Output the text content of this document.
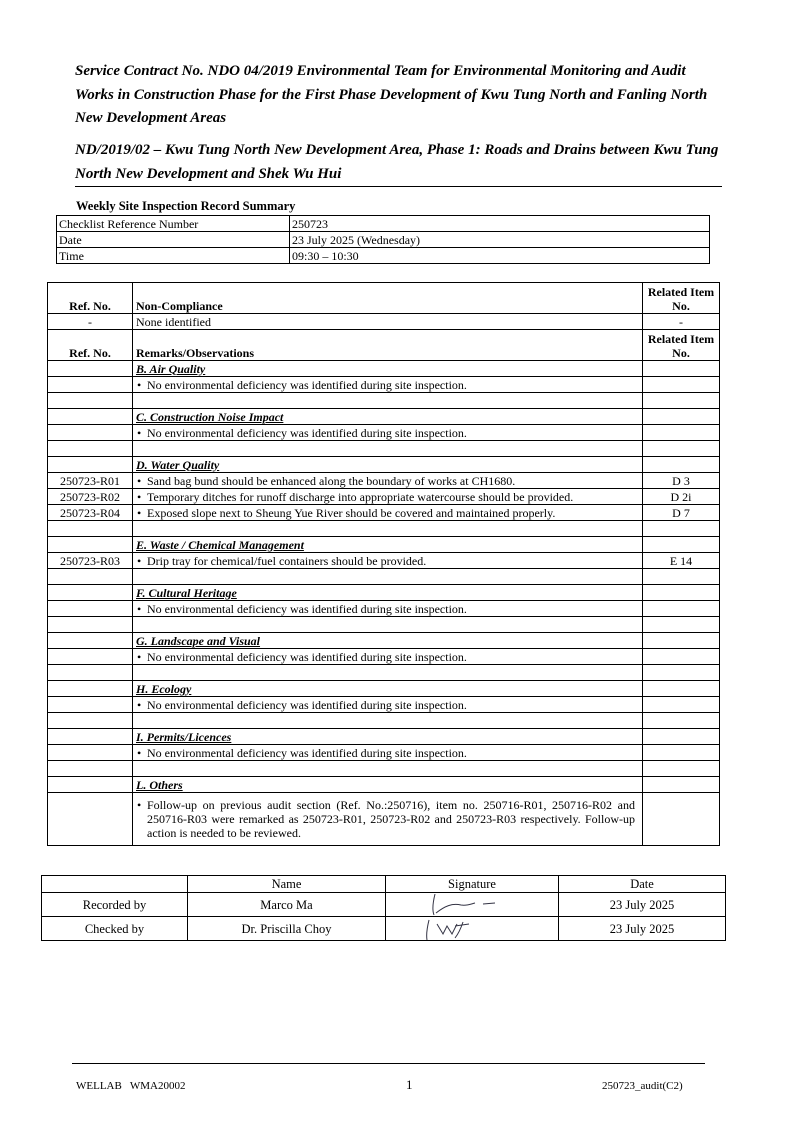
Service Contract No. NDO 04/2019 Environmental Team for Environmental Monitoring and Audit Works in Construction Phase for the First Phase Development of Kwu Tung North and Fanling North New Development Areas
ND/2019/02 – Kwu Tung North New Development Area, Phase 1: Roads and Drains between Kwu Tung North New Development and Shek Wu Hui
Weekly Site Inspection Record Summary
Checklist Reference Number	250723
Date	23 July 2025 (Wednesday)
Time	09:30 – 10:30
Ref. No.	Non-Compliance	Related Item No.
-	None identified	-
Ref. No.	Remarks/Observations	Related Item No.
	B. Air Quality	
	• No environmental deficiency was identified during site inspection.	

	C. Construction Noise Impact	
	• No environmental deficiency was identified during site inspection.	

	D. Water Quality	
250723-R01	• Sand bag bund should be enhanced along the boundary of works at CH1680.	D 3
250723-R02	• Temporary ditches for runoff discharge into appropriate watercourse should be provided.	D 2i
250723-R04	• Exposed slope next to Sheung Yue River should be covered and maintained properly.	D 7

	E. Waste / Chemical Management	
250723-R03	• Drip tray for chemical/fuel containers should be provided.	E 14

	F. Cultural Heritage	
	• No environmental deficiency was identified during site inspection.	

	G. Landscape and Visual	
	• No environmental deficiency was identified during site inspection.	

	H. Ecology	
	• No environmental deficiency was identified during site inspection.	

	I. Permits/Licences	
	• No environmental deficiency was identified during site inspection.	

	L. Others	
	• Follow-up on previous audit section (Ref. No.:250716), item no. 250716-R01, 250716-R02 and 250716-R03 were remarked as 250723-R01, 250723-R02 and 250723-R03 respectively. Follow-up action is needed to be reviewed.	
	Name	Signature	Date
Recorded by	Marco Ma		23 July 2025
Checked by	Dr. Priscilla Choy		23 July 2025
WELLAB   WMA20002	1	250723_audit(C2)
